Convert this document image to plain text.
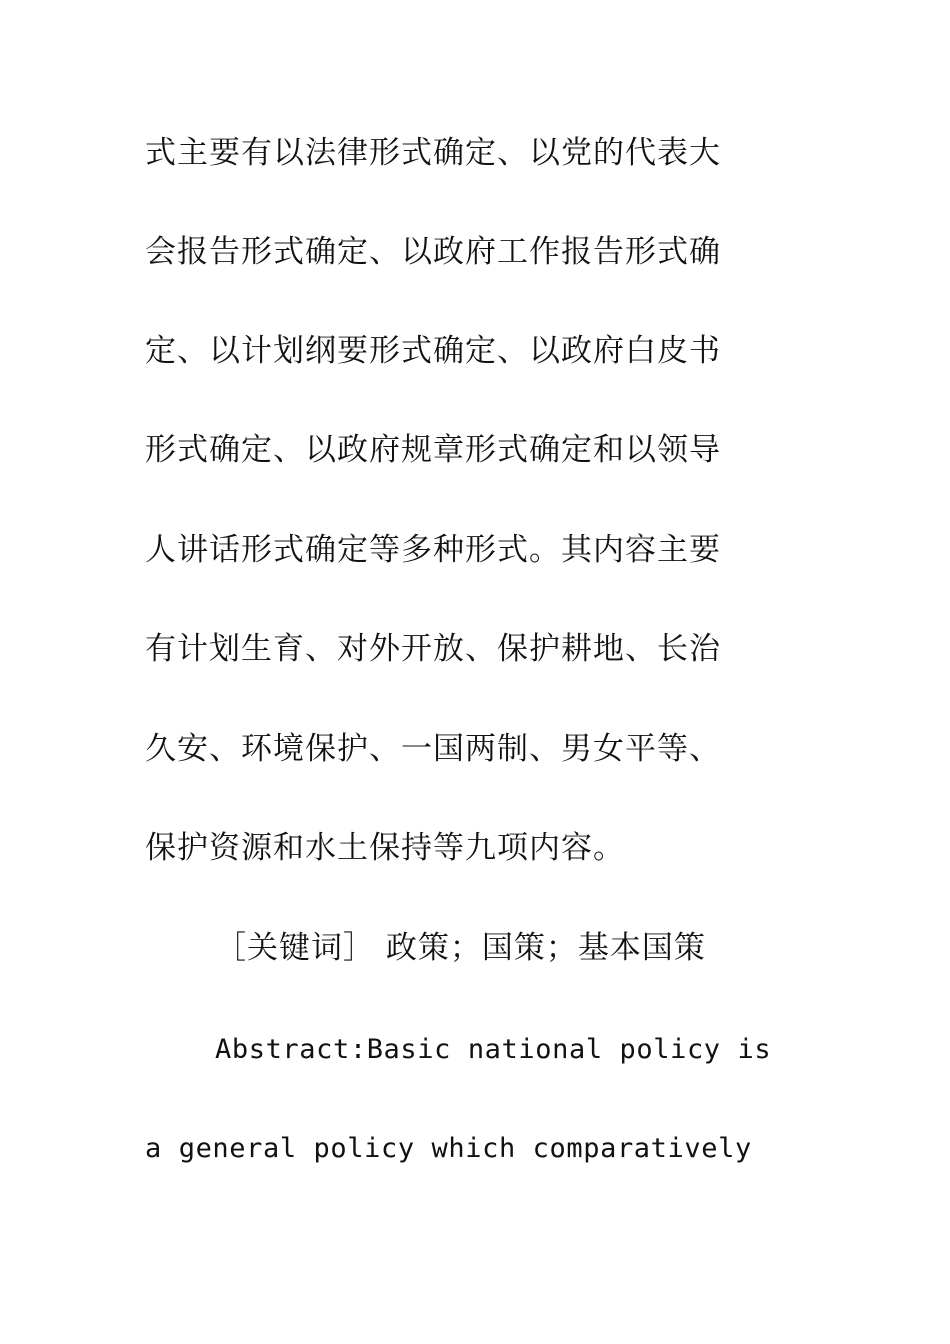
式主要有以法律形式确定、以党的代表大
会报告形式确定、以政府工作报告形式确
定、以计划纲要形式确定、以政府白皮书
形式确定、以政府规章形式确定和以领导
人讲话形式确定等多种形式。其内容主要
有计划生育、对外开放、保护耕地、长治
久安、环境保护、一国两制、男女平等、
保护资源和水土保持等九项内容。
［关键词］ 政策；国策；基本国策
Abstract:Basic national policy is
a general policy which comparatively
